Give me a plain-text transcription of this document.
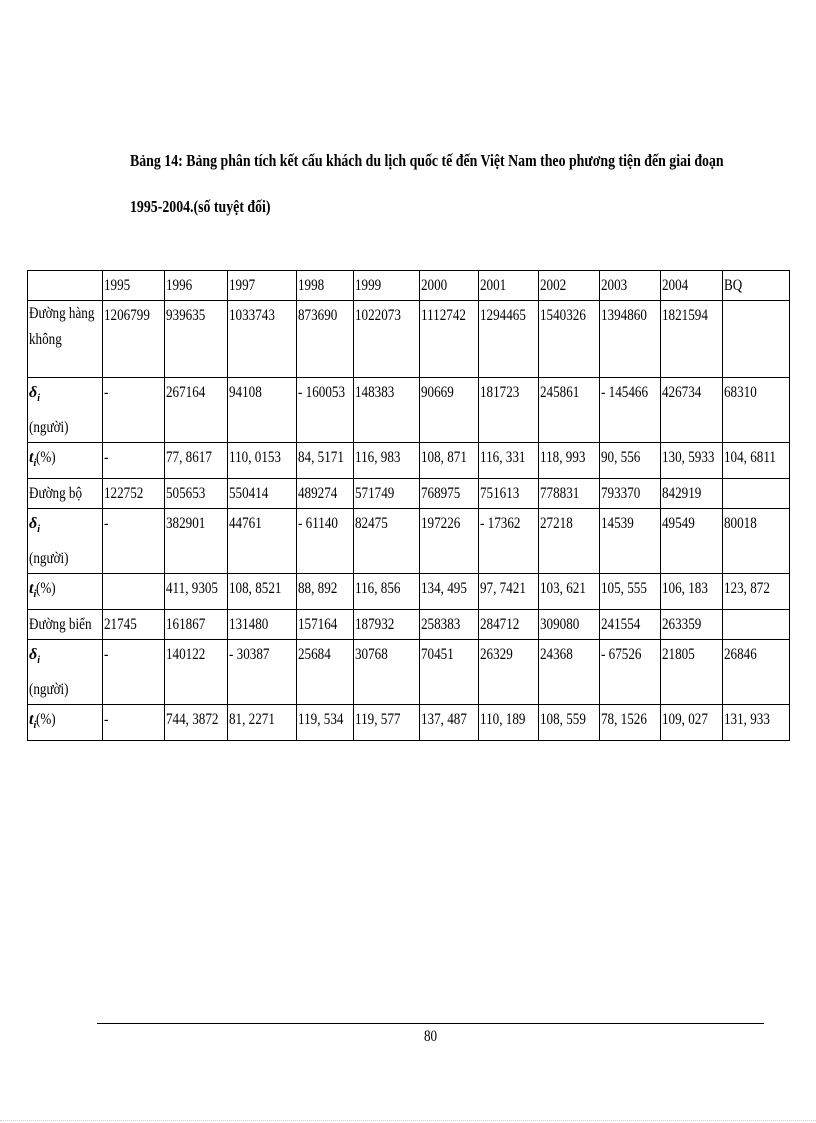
Bảng 14: Bảng phân tích kết cấu khách du lịch quốc tế đến Việt Nam theo phương tiện đến giai đoạn
1995-2004.(số tuyệt đối)
	1995	1996	1997	1998	1999	2000	2001	2002	2003	2004	BQ

Đường hàng không	1206799	939635	1033743	873690	1022073	1112742	1294465	1540326	1394860	1821594	
$\delta_i$
(người)	-	267164	94108	- 160053	148383	90669	181723	245861	- 145466	426734	68310
$t_i(\%)$	-	77, 8617	110, 0153	84, 5171	116, 983	108, 871	116, 331	118, 993	90, 556	130, 5933	104, 6811
Đường bộ	122752	505653	550414	489274	571749	768975	751613	778831	793370	842919	
$\delta_i$
(người)	-	382901	44761	- 61140	82475	197226	- 17362	27218	14539	49549	80018
$t_i(\%)$		411, 9305	108, 8521	88, 892	116, 856	134, 495	97, 7421	103, 621	105, 555	106, 183	123, 872
Đường biển	21745	161867	131480	157164	187932	258383	284712	309080	241554	263359	
$\delta_i$
(người)	-	140122	- 30387	25684	30768	70451	26329	24368	- 67526	21805	26846
$t_i(\%)$	-	744, 3872	81, 2271	119, 534	119, 577	137, 487	110, 189	108, 559	78, 1526	109, 027	131, 933
80
